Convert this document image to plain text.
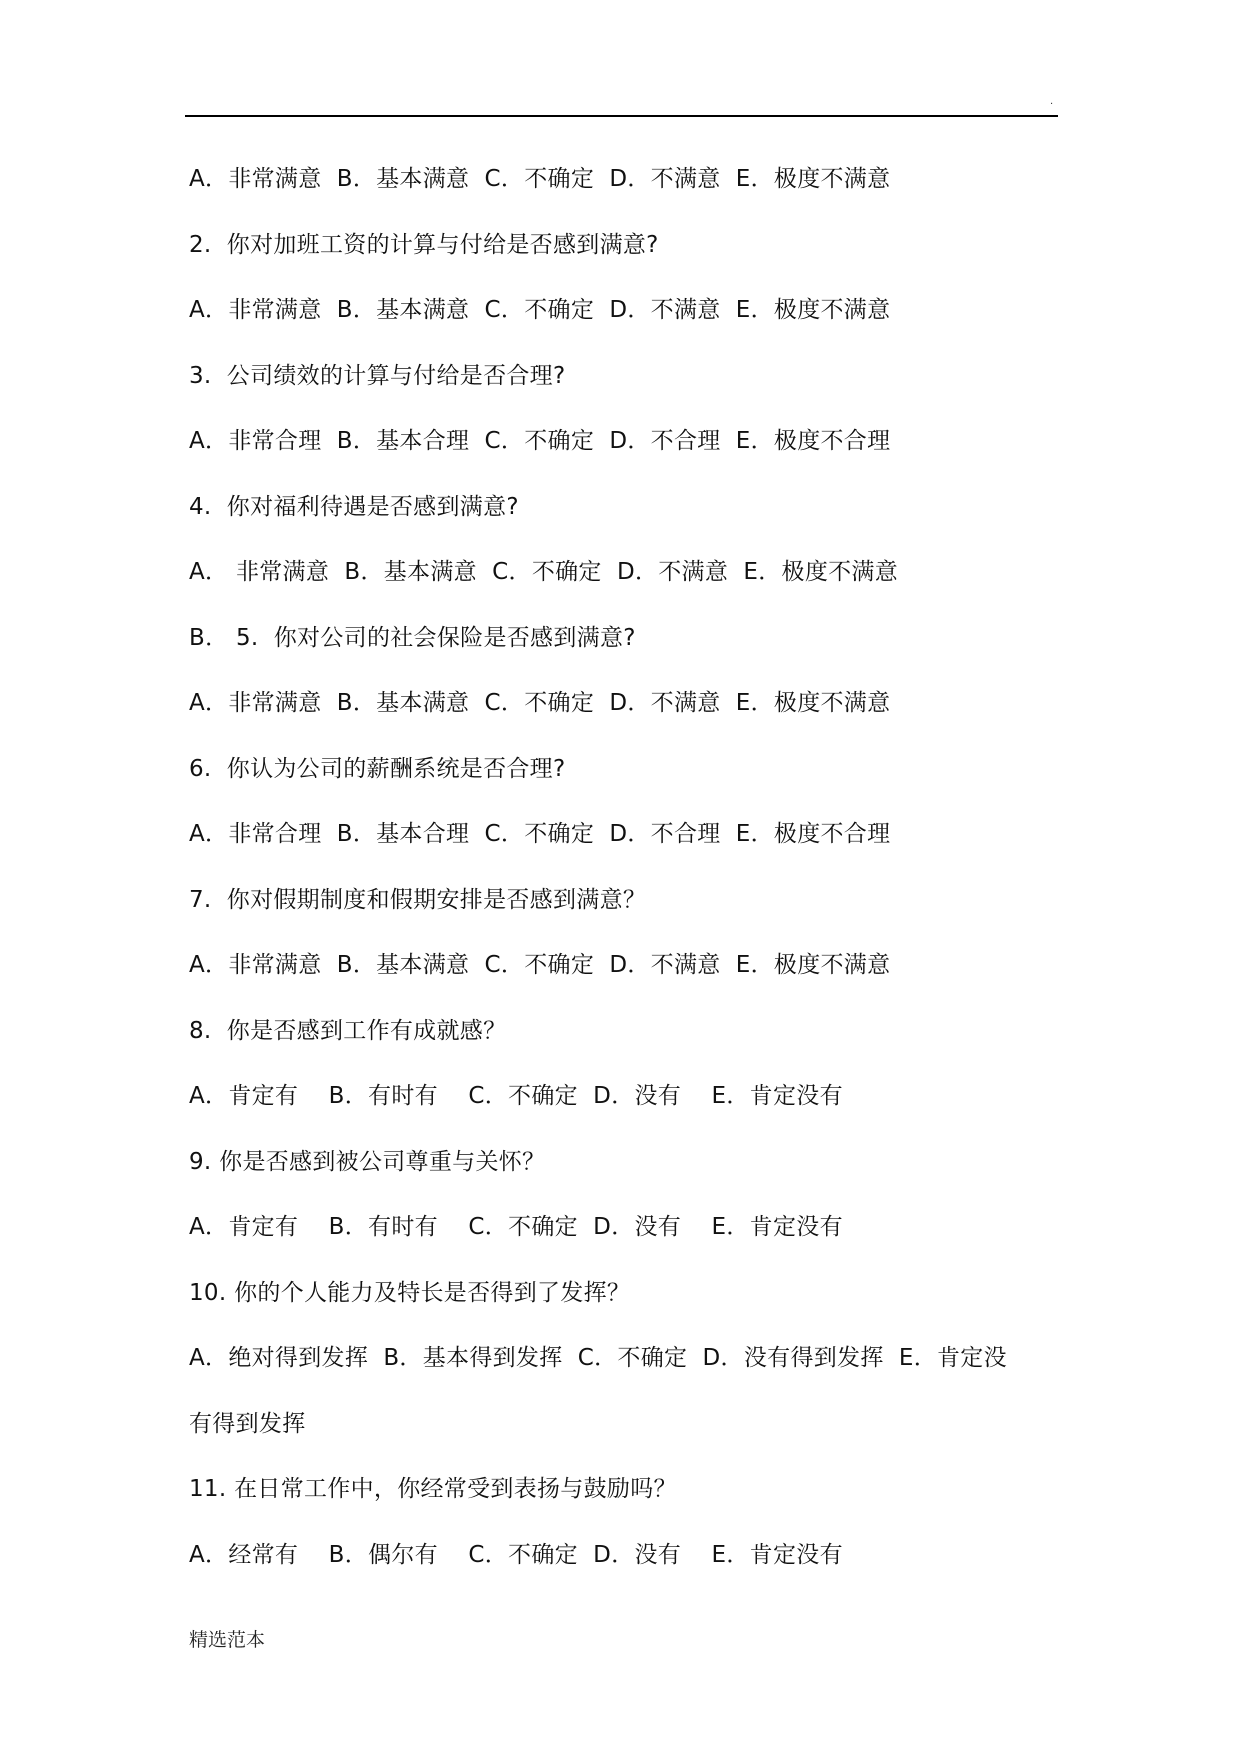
.
A．非常满意  B．基本满意  C．不确定  D．不满意  E．极度不满意
2.  你对加班工资的计算与付给是否感到满意?
A．非常满意  B．基本满意  C．不确定  D．不满意  E．极度不满意
3.  公司绩效的计算与付给是否合理?
A．非常合理  B．基本合理  C．不确定  D．不合理  E．极度不合理
4.  你对福利待遇是否感到满意?
A． 非常满意  B．基本满意  C．不确定  D．不满意  E．极度不满意
B． 5.  你对公司的社会保险是否感到满意?
A．非常满意  B．基本满意  C．不确定  D．不满意  E．极度不满意
6.  你认为公司的薪酬系统是否合理?
A．非常合理  B．基本合理  C．不确定  D．不合理  E．极度不合理
7.  你对假期制度和假期安排是否感到满意？
A．非常满意  B．基本满意  C．不确定  D．不满意  E．极度不满意
8.  你是否感到工作有成就感？
A．肯定有    B．有时有    C．不确定  D．没有    E．肯定没有
9. 你是否感到被公司尊重与关怀？
A．肯定有    B．有时有    C．不确定  D．没有    E．肯定没有
10. 你的个人能力及特长是否得到了发挥？
A．绝对得到发挥  B．基本得到发挥  C．不确定  D．没有得到发挥  E．肯定没
有得到发挥
11. 在日常工作中，你经常受到表扬与鼓励吗？
A．经常有    B．偶尔有    C．不确定  D．没有    E．肯定没有
精选范本
